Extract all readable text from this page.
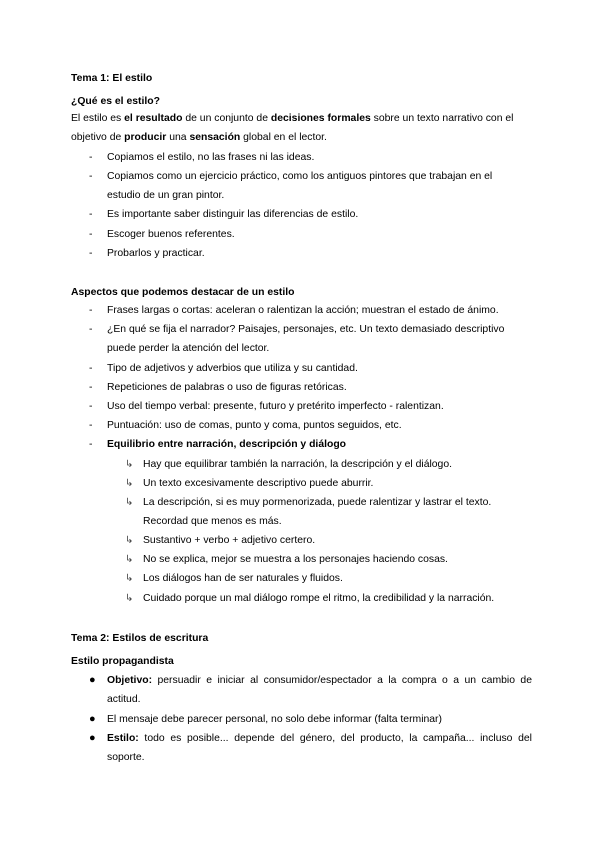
Tema 1: El estilo
¿Qué es el estilo?
El estilo es el resultado de un conjunto de decisiones formales sobre un texto narrativo con el objetivo de producir una sensación global en el lector.
-	Copiamos el estilo, no las frases ni las ideas.
-	Copiamos como un ejercicio práctico, como los antiguos pintores que trabajan en el estudio de un gran pintor.
-	Es importante saber distinguir las diferencias de estilo.
-	Escoger buenos referentes.
-	Probarlos y practicar.
Aspectos que podemos destacar de un estilo
-	Frases largas o cortas: aceleran o ralentizan la acción; muestran el estado de ánimo.
-	¿En qué se fija el narrador? Paisajes, personajes, etc. Un texto demasiado descriptivo puede perder la atención del lector.
-	Tipo de adjetivos y adverbios que utiliza y su cantidad.
-	Repeticiones de palabras o uso de figuras retóricas.
-	Uso del tiempo verbal: presente, futuro y pretérito imperfecto - ralentizan.
-	Puntuación: uso de comas, punto y coma, puntos seguidos, etc.
-	Equilibrio entre narración, descripción y diálogo
↳ Hay que equilibrar también la narración, la descripción y el diálogo.
↳ Un texto excesivamente descriptivo puede aburrir.
↳ La descripción, si es muy pormenorizada, puede ralentizar y lastrar el texto. Recordad que menos es más.
↳ Sustantivo + verbo + adjetivo certero.
↳ No se explica, mejor se muestra a los personajes haciendo cosas.
↳ Los diálogos han de ser naturales y fluidos.
↳ Cuidado porque un mal diálogo rompe el ritmo, la credibilidad y la narración.
Tema 2: Estilos de escritura
Estilo propagandista
● Objetivo: persuadir e iniciar al consumidor/espectador a la compra o a un cambio de actitud.
● El mensaje debe parecer personal, no solo debe informar (falta terminar)
● Estilo: todo es posible... depende del género, del producto, la campaña... incluso del soporte.
